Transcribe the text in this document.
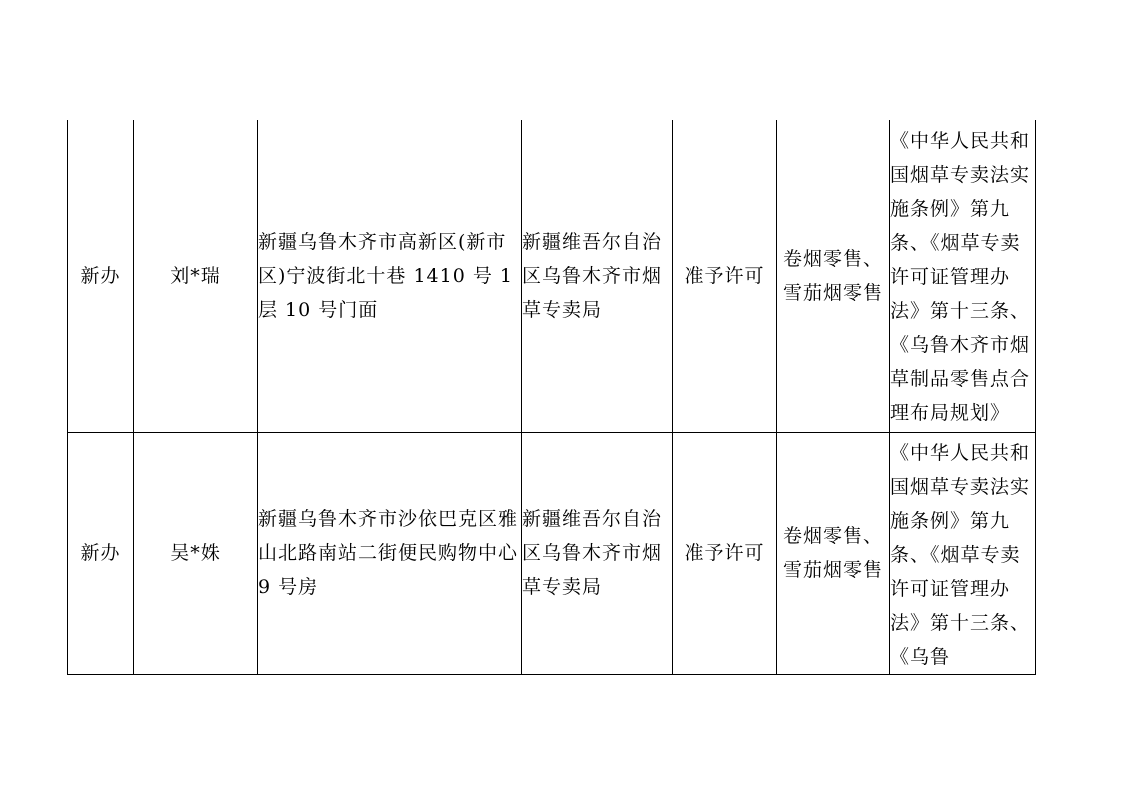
新办	刘*瑞	新疆乌鲁木齐市高新区(新市区)宁波街北十巷 1410 号 1 层 10 号门面	新疆维吾尔自治区乌鲁木齐市烟草专卖局	准予许可	卷烟零售、雪茄烟零售	《中华人民共和国烟草专卖法实施条例》第九条、《烟草专卖许可证管理办法》第十三条、《乌鲁木齐市烟草制品零售点合理布局规划》

新办	吴*姝	新疆乌鲁木齐市沙依巴克区雅山北路南站二街便民购物中心 9 号房	新疆维吾尔自治区乌鲁木齐市烟草专卖局	准予许可	卷烟零售、雪茄烟零售	《中华人民共和国烟草专卖法实施条例》第九条、《烟草专卖许可证管理办法》第十三条、《乌鲁
